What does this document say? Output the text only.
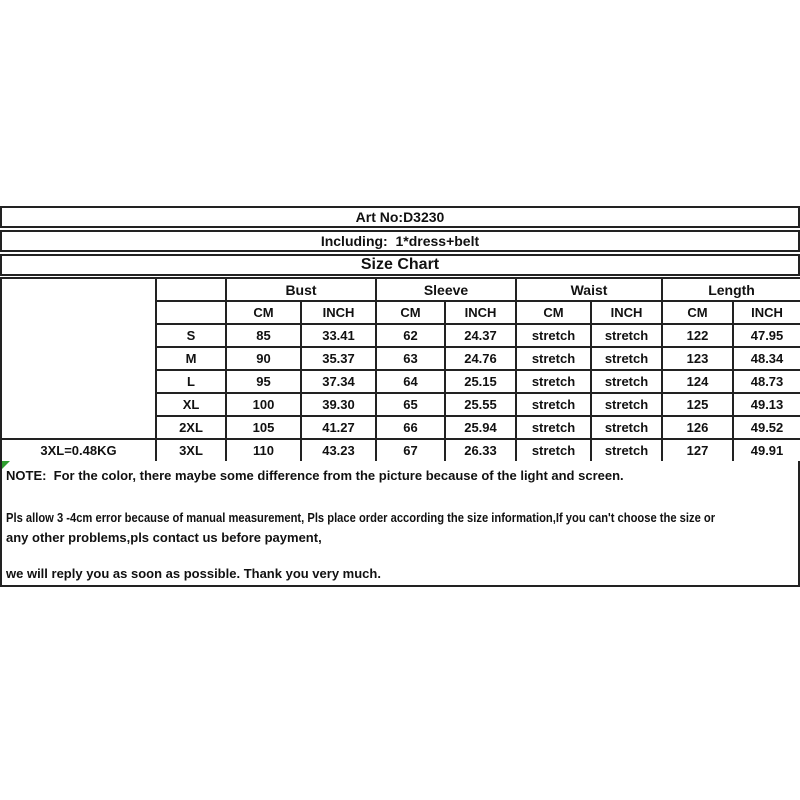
Art No:D3230
Including:  1*dress+belt
Size Chart
		Bust		Sleeve		Waist		Length	
		CM	INCH	CM	INCH	CM	INCH	CM	INCH
	S	85	33.41	62	24.37	stretch	stretch	122	47.95
	M	90	35.37	63	24.76	stretch	stretch	123	48.34
	L	95	37.34	64	25.15	stretch	stretch	124	48.73
	XL	100	39.30	65	25.55	stretch	stretch	125	49.13
	2XL	105	41.27	66	25.94	stretch	stretch	126	49.52
3XL=0.48KG	3XL	110	43.23	67	26.33	stretch	stretch	127	49.91
NOTE:  For the color, there maybe some difference from the picture because of the light and screen.
Pls allow 3 -4cm error because of manual measurement, Pls place order according the size information,If you can't choose the size or
any other problems,pls contact us before payment,
we will reply you as soon as possible. Thank you very much.
